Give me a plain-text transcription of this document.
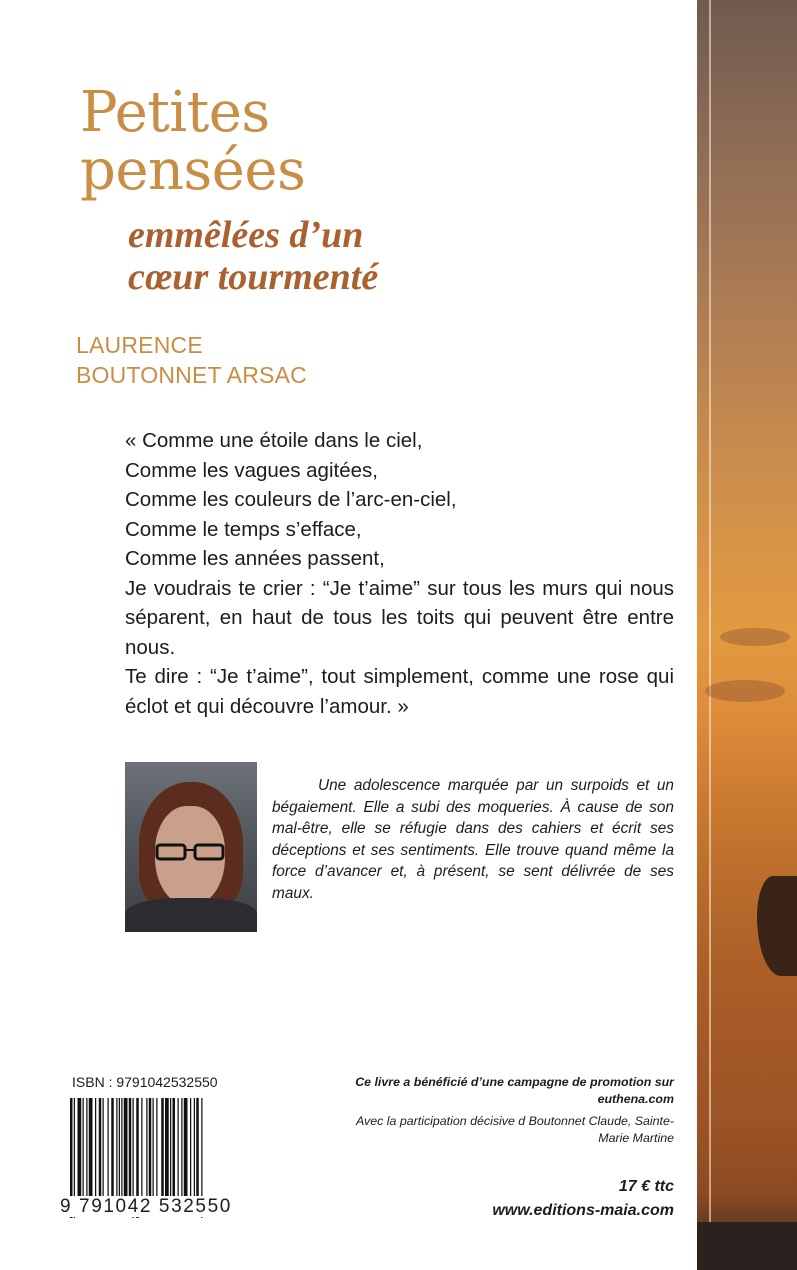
Petites
pensées
emmêlées d’un
cœur tourmenté

LAURENCE
BOUTONNET ARSAC

« Comme une étoile dans le ciel,
Comme les vagues agitées,
Comme les couleurs de l’arc-en-ciel,
Comme le temps s’efface,
Comme les années passent,
Je voudrais te crier : “Je t’aime” sur tous les murs qui nous séparent, en haut de tous les toits qui peuvent être entre nous.
Te dire : “Je t’aime”, tout simplement, comme une rose qui éclot et qui découvre l’amour. »

Une adolescence marquée par un surpoids et un bégaiement. Elle a subi des moqueries. À cause de son mal-être, elle se réfugie dans des cahiers et écrit ses déceptions et ses sentiments. Elle trouve quand même la force d’avancer et, à présent, se sent délivrée de ses maux.

ISBN : 9791042532550

9 791042 532550
Ce livre a bénéficié d’une campagne de promotion sur euthena.com
Avec la participation décisive d Boutonnet Claude, Sainte-Marie Martine

17 € ttc

www.editions-maia.com
